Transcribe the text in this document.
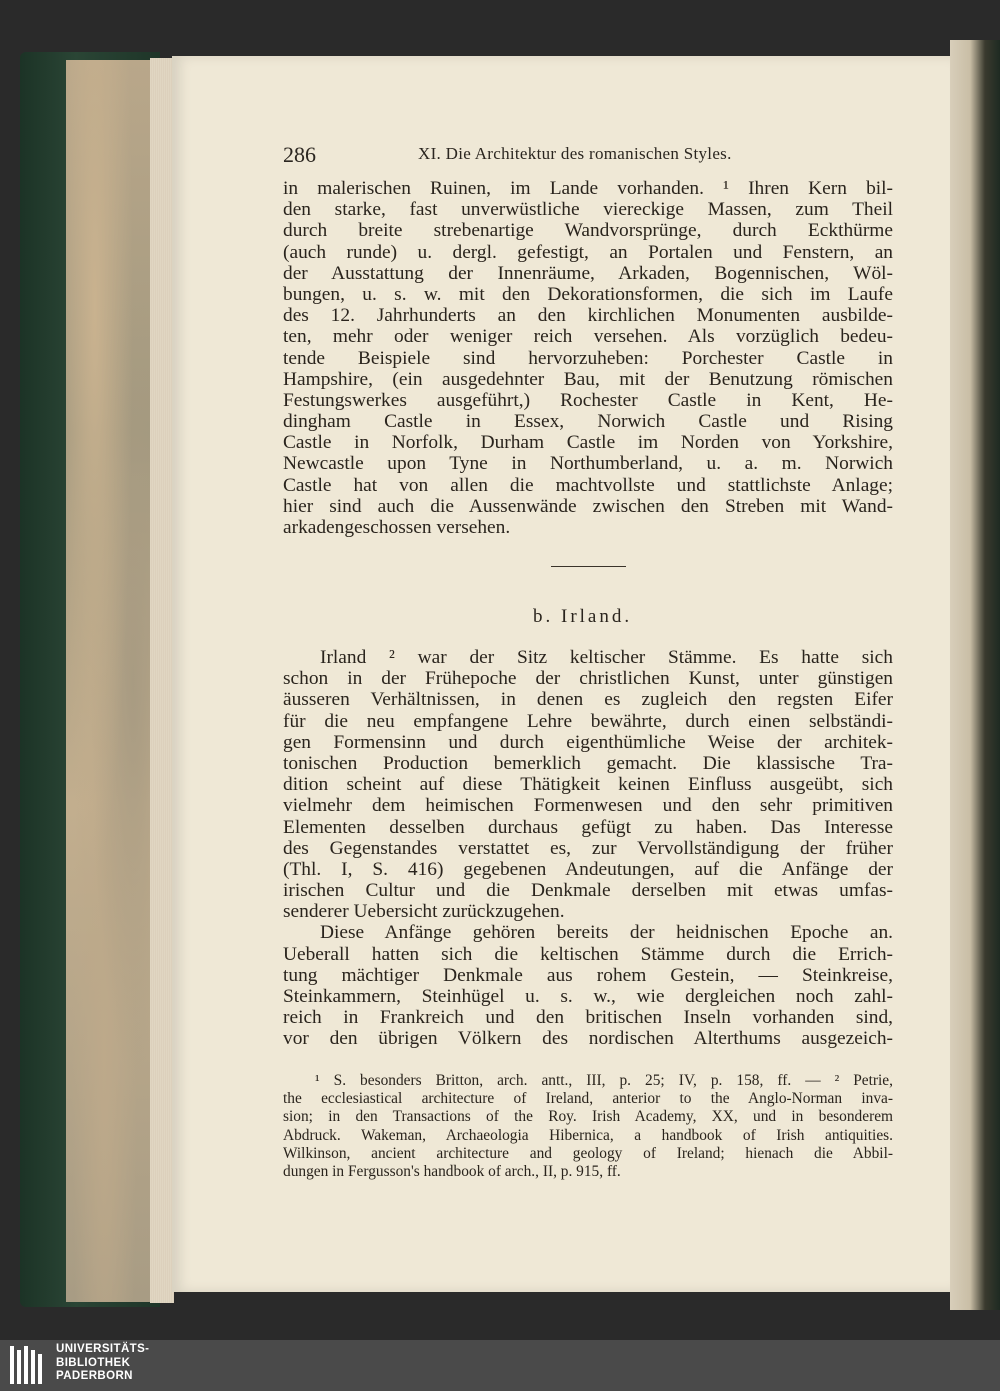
286	XI. Die Architektur des romanischen Styles.
in malerischen Ruinen, im Lande vorhanden. ¹ Ihren Kern bil-
den starke, fast unverwüstliche viereckige Massen, zum Theil
durch breite strebenartige Wandvorsprünge, durch Eckthürme
(auch runde) u. dergl. gefestigt, an Portalen und Fenstern, an
der Ausstattung der Innenräume, Arkaden, Bogennischen, Wöl-
bungen, u. s. w. mit den Dekorationsformen, die sich im Laufe
des 12. Jahrhunderts an den kirchlichen Monumenten ausbilde-
ten, mehr oder weniger reich versehen. Als vorzüglich bedeu-
tende Beispiele sind hervorzuheben: Porchester Castle in
Hampshire, (ein ausgedehnter Bau, mit der Benutzung römischen
Festungswerkes ausgeführt,) Rochester Castle in Kent, He-
dingham Castle in Essex, Norwich Castle und Rising
Castle in Norfolk, Durham Castle im Norden von Yorkshire,
Newcastle upon Tyne in Northumberland, u. a. m. Norwich
Castle hat von allen die machtvollste und stattlichste Anlage;
hier sind auch die Aussenwände zwischen den Streben mit Wand-
arkadengeschossen versehen.
b. Irland.
Irland ² war der Sitz keltischer Stämme. Es hatte sich
schon in der Frühepoche der christlichen Kunst, unter günstigen
äusseren Verhältnissen, in denen es zugleich den regsten Eifer
für die neu empfangene Lehre bewährte, durch einen selbständi-
gen Formensinn und durch eigenthümliche Weise der architek-
tonischen Production bemerklich gemacht. Die klassische Tra-
dition scheint auf diese Thätigkeit keinen Einfluss ausgeübt, sich
vielmehr dem heimischen Formenwesen und den sehr primitiven
Elementen desselben durchaus gefügt zu haben. Das Interesse
des Gegenstandes verstattet es, zur Vervollständigung der früher
(Thl. I, S. 416) gegebenen Andeutungen, auf die Anfänge der
irischen Cultur und die Denkmale derselben mit etwas umfas-
senderer Uebersicht zurückzugehen.
Diese Anfänge gehören bereits der heidnischen Epoche an.
Ueberall hatten sich die keltischen Stämme durch die Errich-
tung mächtiger Denkmale aus rohem Gestein, — Steinkreise,
Steinkammern, Steinhügel u. s. w., wie dergleichen noch zahl-
reich in Frankreich und den britischen Inseln vorhanden sind,
vor den übrigen Völkern des nordischen Alterthums ausgezeich-
¹ S. besonders Britton, arch. antt., III, p. 25; IV, p. 158, ff. — ² Petrie,
the ecclesiastical architecture of Ireland, anterior to the Anglo-Norman inva-
sion; in den Transactions of the Roy. Irish Academy, XX, und in besonderem
Abdruck. Wakeman, Archaeologia Hibernica, a handbook of Irish antiquities.
Wilkinson, ancient architecture and geology of Ireland; hienach die Abbil-
dungen in Fergusson's handbook of arch., II, p. 915, ff.
UNIVERSITÄTS-
BIBLIOTHEK
PADERBORN
